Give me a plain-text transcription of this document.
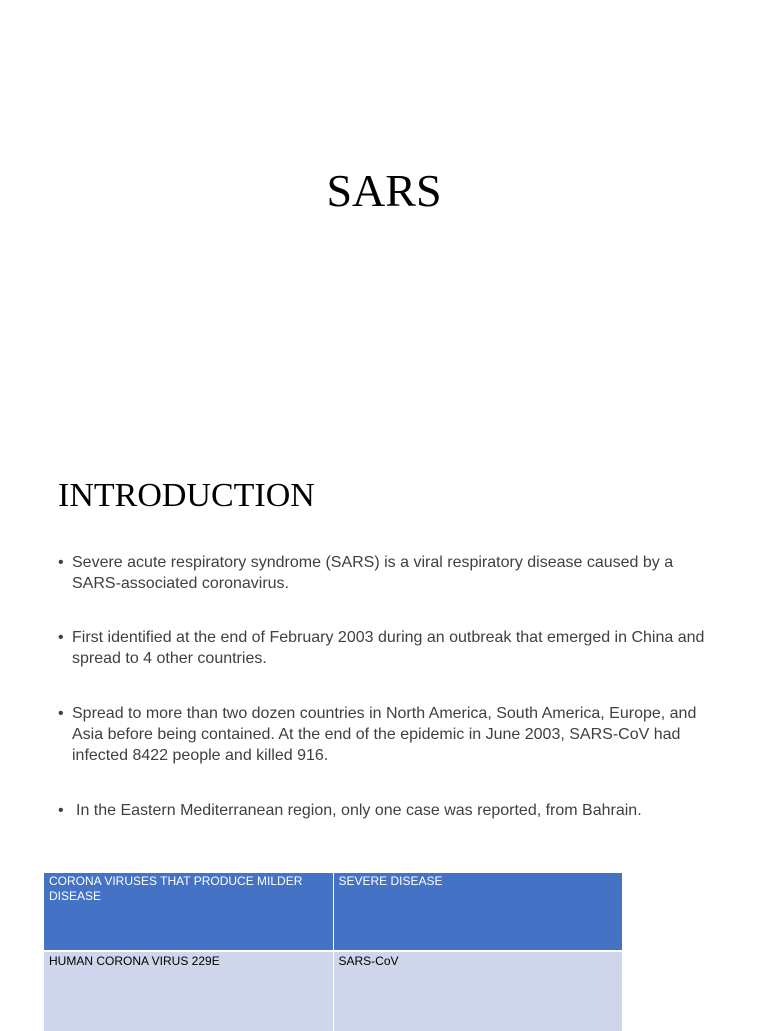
SARS
INTRODUCTION
• Severe acute respiratory syndrome (SARS) is a viral respiratory disease caused by a SARS-associated coronavirus.
• First identified at the end of February 2003 during an outbreak that emerged in China and spread to 4 other countries.
• Spread to more than two dozen countries in North America, South America, Europe, and Asia before being contained. At the end of the epidemic in June 2003, SARS-CoV had infected 8422 people and killed 916.
• In the Eastern Mediterranean region, only one case was reported, from Bahrain.
CORONA VIRUSES THAT PRODUCE MILDER DISEASE	SEVERE DISEASE
HUMAN CORONA VIRUS 229E	SARS-CoV
